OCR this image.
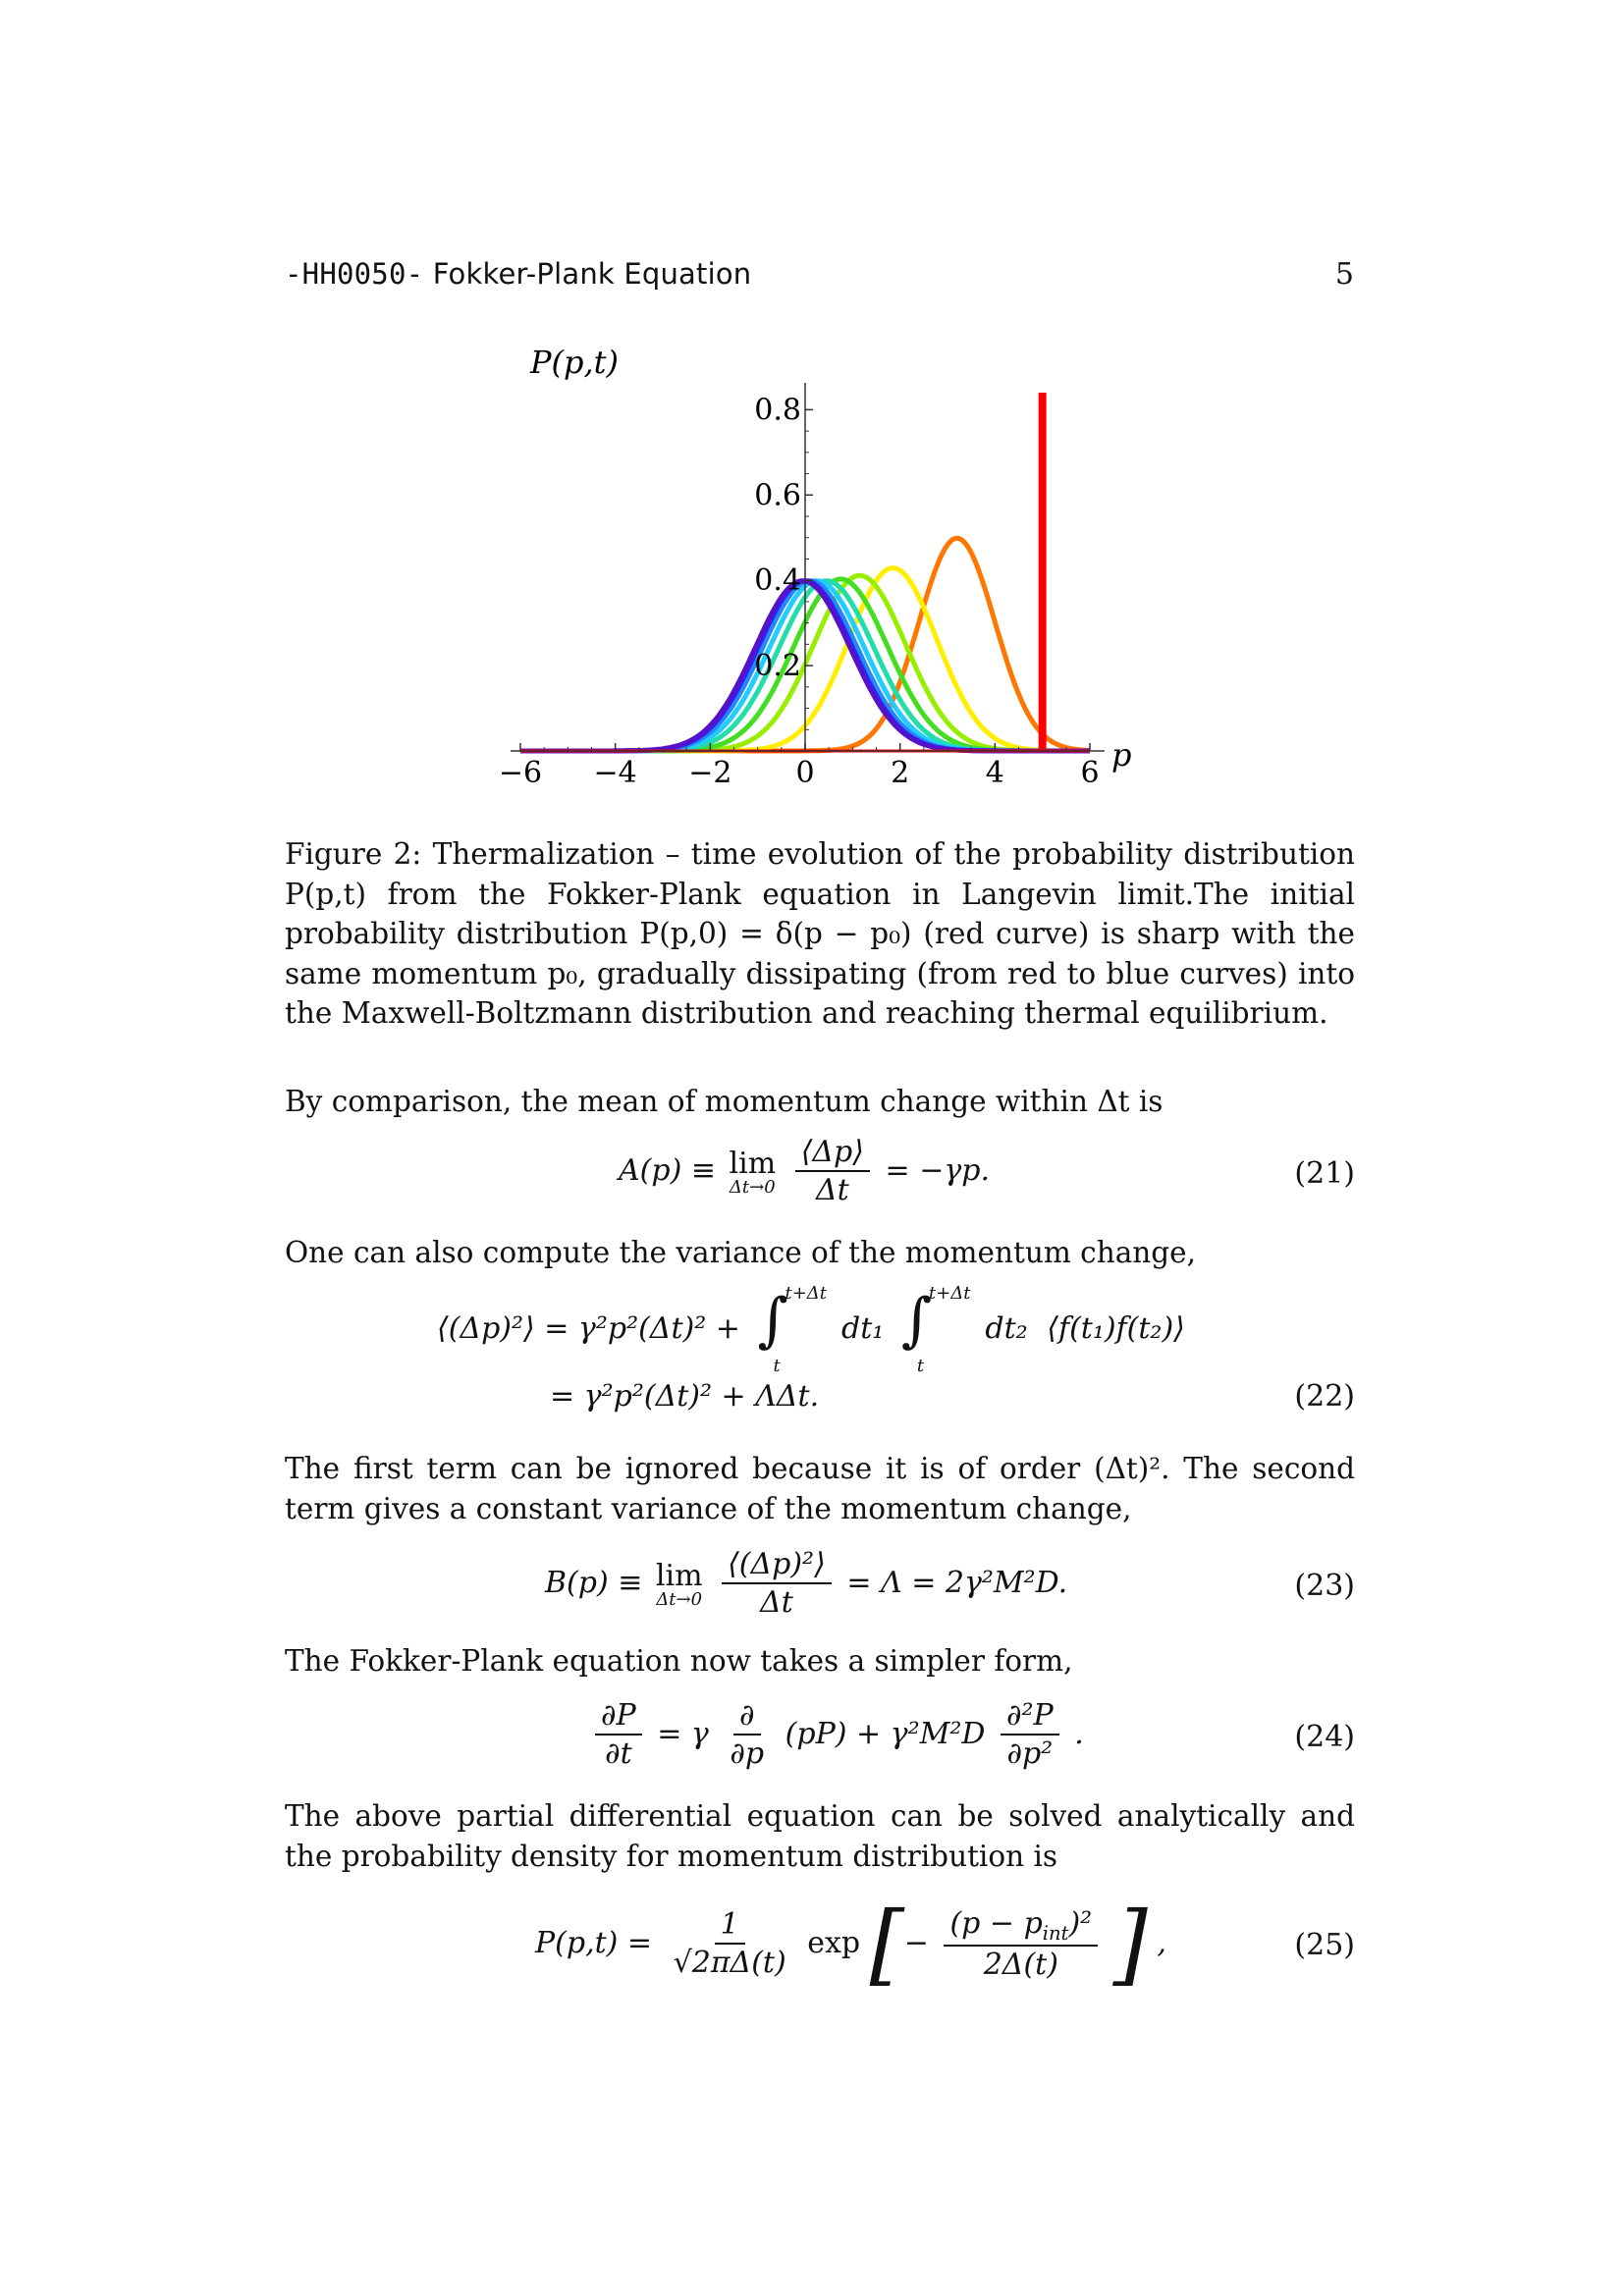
-HH0050- Fokker-Plank Equation	5
−6 −4 −2 0	2	4	6
0.2
0.4
0.6
0.8
P(p,t)
p
Figure 2: Thermalization – time evolution of the probability distribution P(p,t) from the Fokker-Plank equation in Langevin limit.The initial probability distribution P(p,0) = δ(p − p₀) (red curve) is sharp with the same momentum p₀, gradually dissipating (from red to blue curves) into the Maxwell-Boltzmann distribution and reaching thermal equilibrium.
By comparison, the mean of momentum change within Δt is
A(p) ≡ lim
Δt→0
$\frac{⟨\Delta p⟩}{\Delta t} = -\gamma p$.	(21)
One can also compute the variance of the momentum change,
⟨(Δp)²⟩ = γ²p²(Δt)² + ∫
t+Δt
t
dt₁ ∫
t+Δt
t
dt₂ ⟨f(t₁)f(t₂)⟩
= γ²p²(Δt)² + ΛΔt.	(22)
The first term can be ignored because it is of order (Δt)². The second term gives a constant variance of the momentum change,
B(p) ≡ lim
Δt→0
$\frac{\text{⟨(Δp)²⟩}}{\Delta t} = \Lambda = 2\gamma^2M^2D$.	(23)
The Fokker-Plank equation now takes a simpler form,
$\frac{\partial P}{\partial t} = \gamma \frac{\partial}{\partial p} (pP) + \gamma^2M^2D \frac{\text{∂²P}}{\text{∂p²}}$ .	(24)
The above partial differential equation can be solved analytically and the probability density for momentum distribution is
$P(p,t) = \frac{1}{√2\pi\Delta(t)}$ exp [− $\frac{(p - p_{int})^2}{2\Delta(t)}$ ] ,	(25)
